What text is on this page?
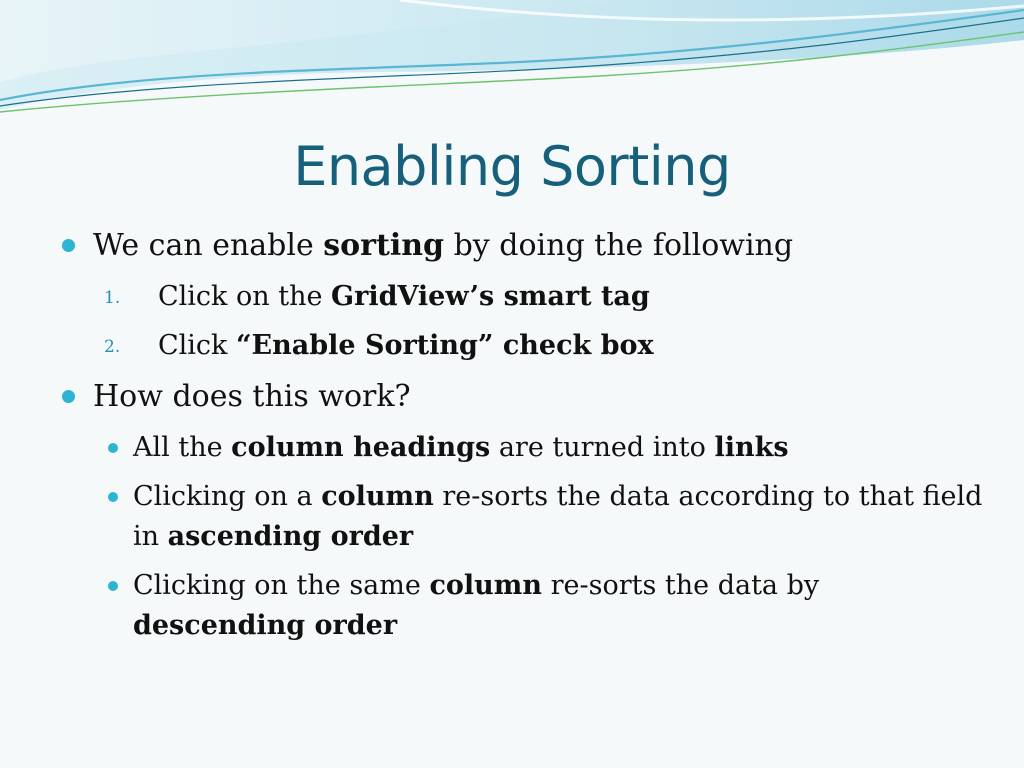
Enabling Sorting
We can enable sorting by doing the following
1. Click on the GridView’s smart tag
2. Click “Enable Sorting” check box
How does this work?
All the column headings are turned into links
Clicking on a column re-sorts the data according to that field in ascending order
Clicking on the same column re-sorts the data by descending order
